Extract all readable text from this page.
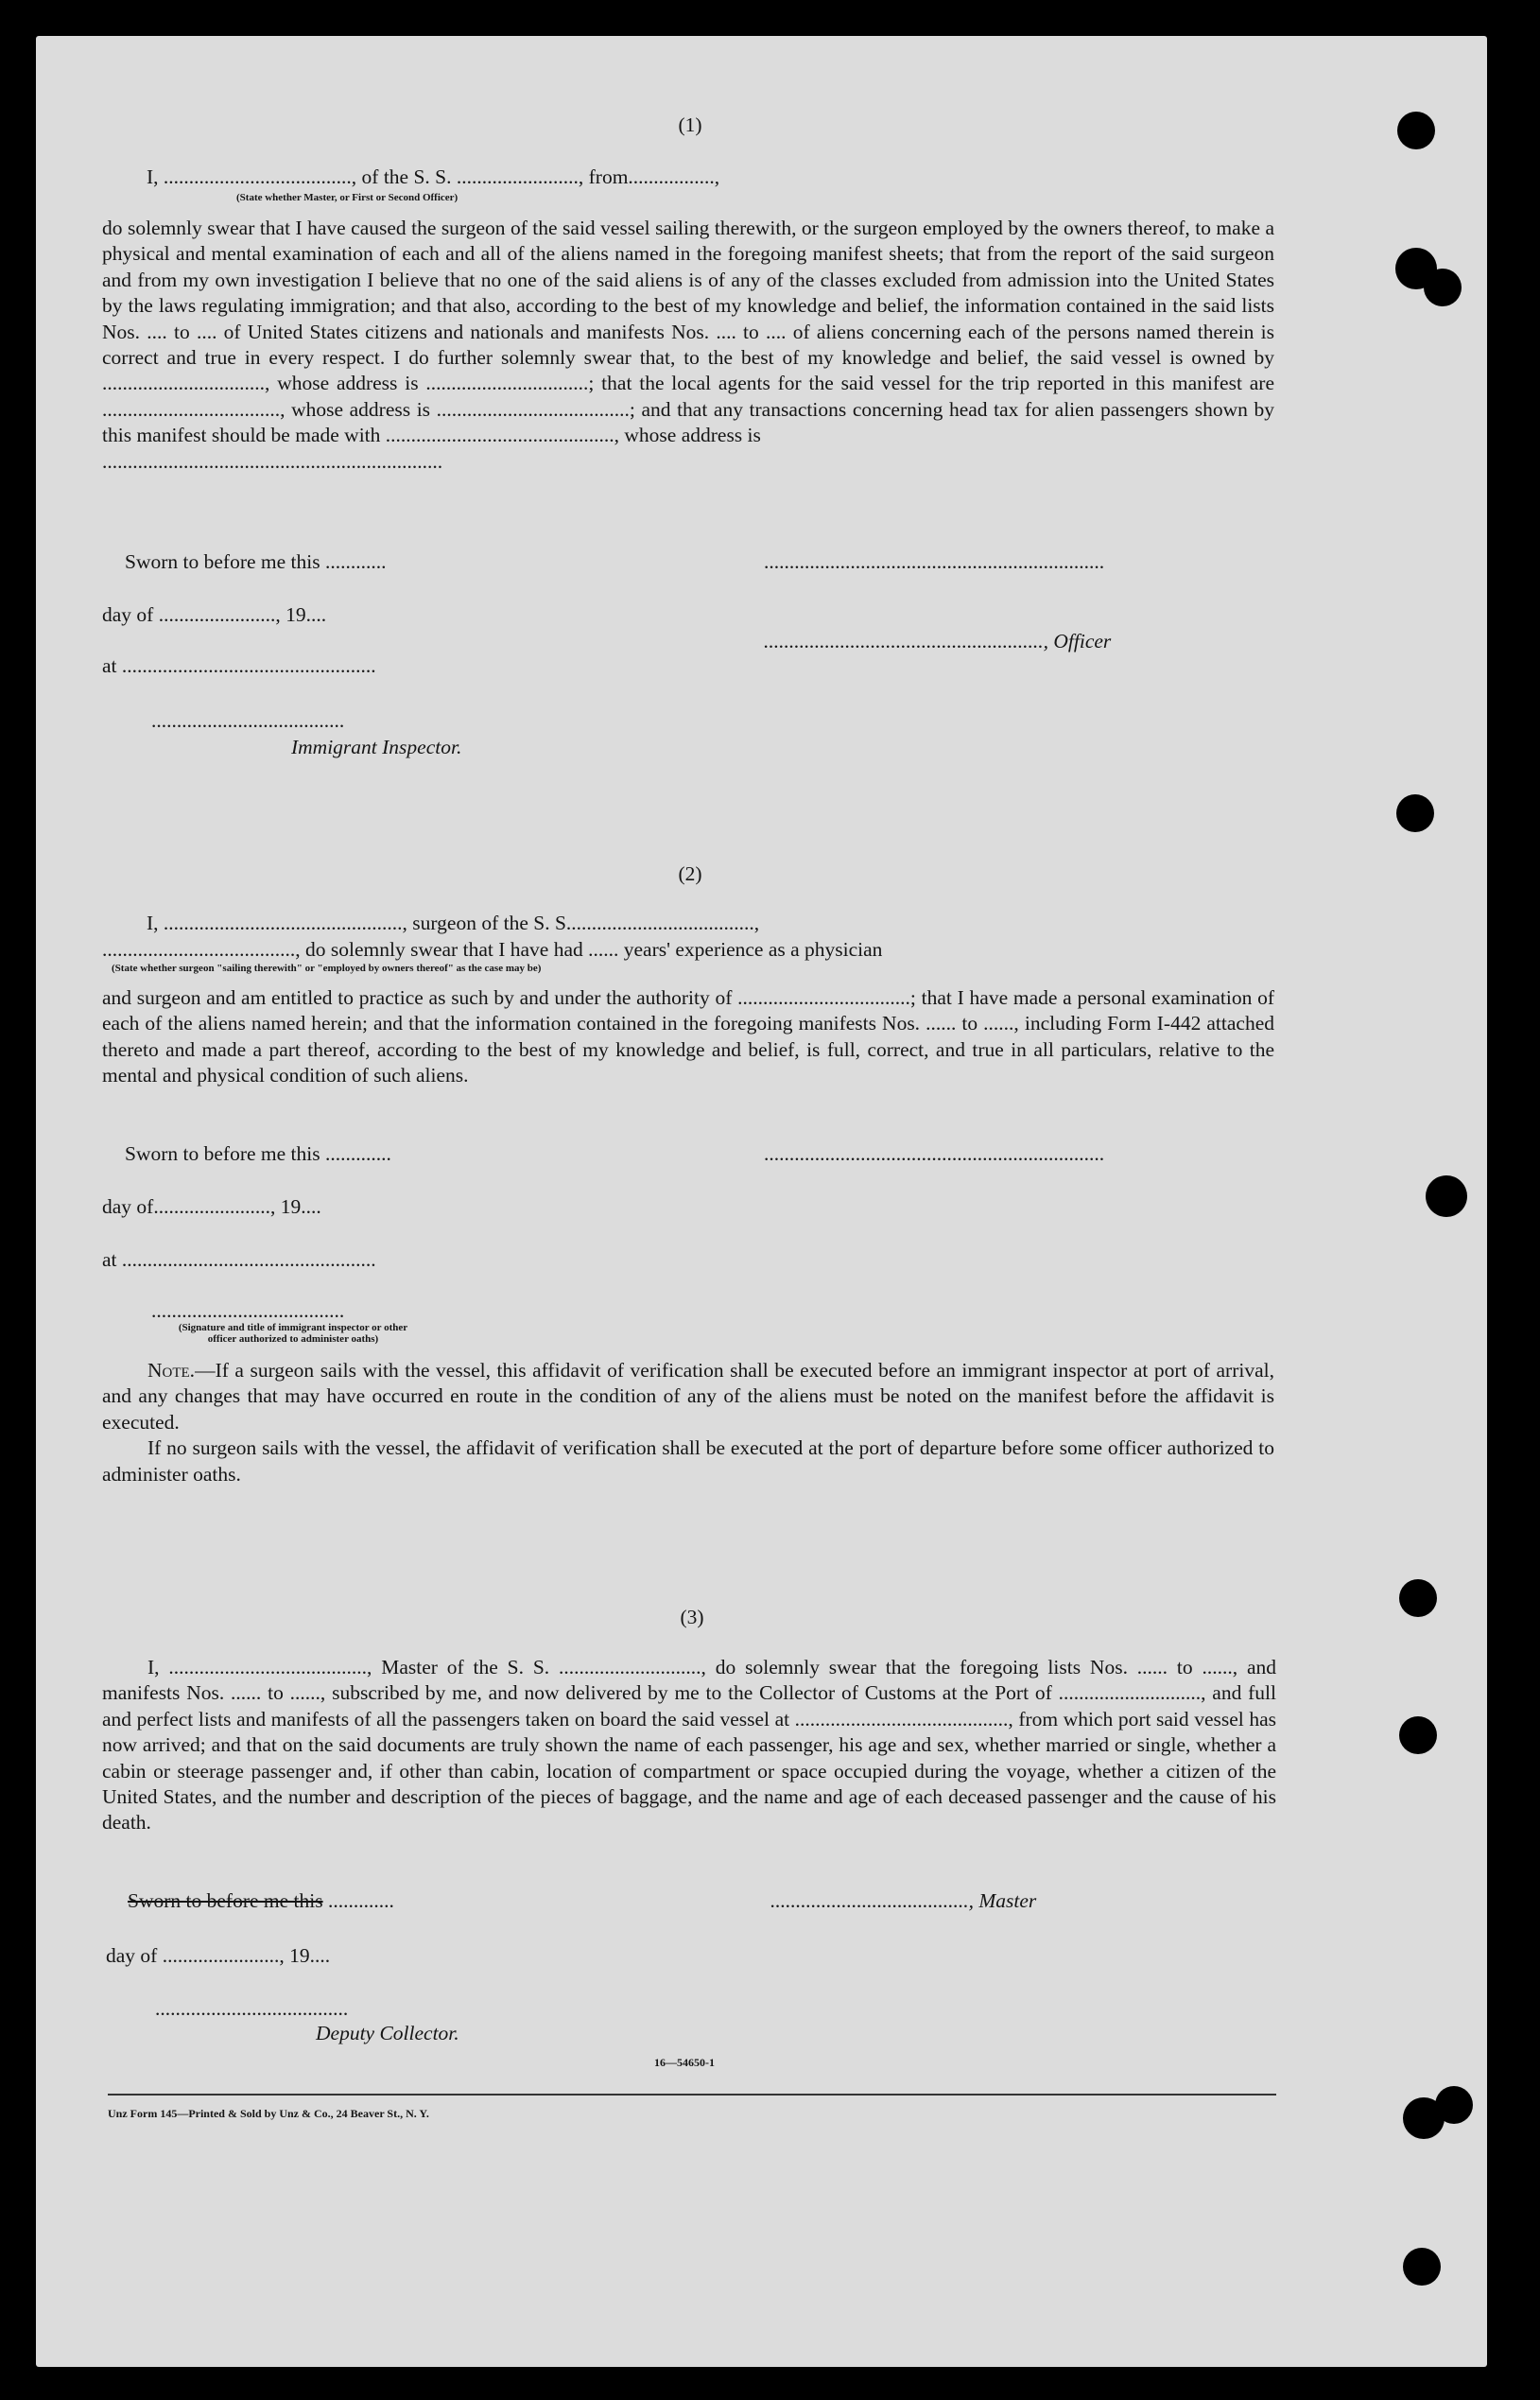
(1)
I, ....................................., of the S. S. ........................, from.................,
(State whether Master, or First or Second Officer)

do solemnly swear that I have caused the surgeon of the said vessel sailing therewith, or the surgeon employed by the owners thereof, to make a physical and mental examination of each and all of the aliens named in the foregoing manifest sheets; that from the report of the said surgeon and from my own investigation I believe that no one of the said aliens is of any of the classes excluded from admission into the United States by the laws regulating immigration; and that also, according to the best of my knowledge and belief, the information contained in the said lists Nos. .... to .... of United States citizens and nationals and manifests Nos. .... to .... of aliens concerning each of the persons named therein is correct and true in every respect. I do further solemnly swear that, to the best of my knowledge and belief, the said vessel is owned by ................................, whose address is ................................; that the local agents for the said vessel for the trip reported in this manifest are ..................................., whose address is ......................................; and that any transactions concerning head tax for alien passengers shown by this manifest should be made with ............................................., whose address is

...................................................................

Sworn to before me this ............	...................................................................
day of ......................., 19....
......................................................., Officer
at ..................................................
......................................
Immigrant Inspector.
(2)
I, ..............................................., surgeon of the S. S.....................................,
......................................, do solemnly swear that I have had ...... years' experience as a physician
(State whether surgeon "sailing therewith" or "employed by owners thereof" as the case may be)

and surgeon and am entitled to practice as such by and under the authority of ..................................; that I have made a personal examination of each of the aliens named herein; and that the information contained in the foregoing manifests Nos. ...... to ......, including Form I-442 attached thereto and made a part thereof, according to the best of my knowledge and belief, is full, correct, and true in all particulars, relative to the mental and physical condition of such aliens.

Sworn to before me this .............	...................................................................
day of......................., 19....
at ..................................................
......................................
(Signature and title of immigrant inspector or other officer authorized to administer oaths)

Note.—If a surgeon sails with the vessel, this affidavit of verification shall be executed before an immigrant inspector at port of arrival, and any changes that may have occurred en route in the condition of any of the aliens must be noted on the manifest before the affidavit is executed.

If no surgeon sails with the vessel, the affidavit of verification shall be executed at the port of departure before some officer authorized to administer oaths.

(3)

I, ......................................., Master of the S. S. ............................, do solemnly swear that the foregoing lists Nos. ...... to ......, and manifests Nos. ...... to ......, subscribed by me, and now delivered by me to the Collector of Customs at the Port of ............................, and full and perfect lists and manifests of all the passengers taken on board the said vessel at .........................................., from which port said vessel has now arrived; and that on the said documents are truly shown the name of each passenger, his age and sex, whether married or single, whether a cabin or steerage passenger and, if other than cabin, location of compartment or space occupied during the voyage, whether a citizen of the United States, and the number and description of the pieces of baggage, and the name and age of each deceased passenger and the cause of his death.

Sworn to before me this .............	......................................., Master
day of ......................., 19....
......................................
Deputy Collector.
16—54650-1
Unz Form 145—Printed & Sold by Unz & Co., 24 Beaver St., N. Y.
